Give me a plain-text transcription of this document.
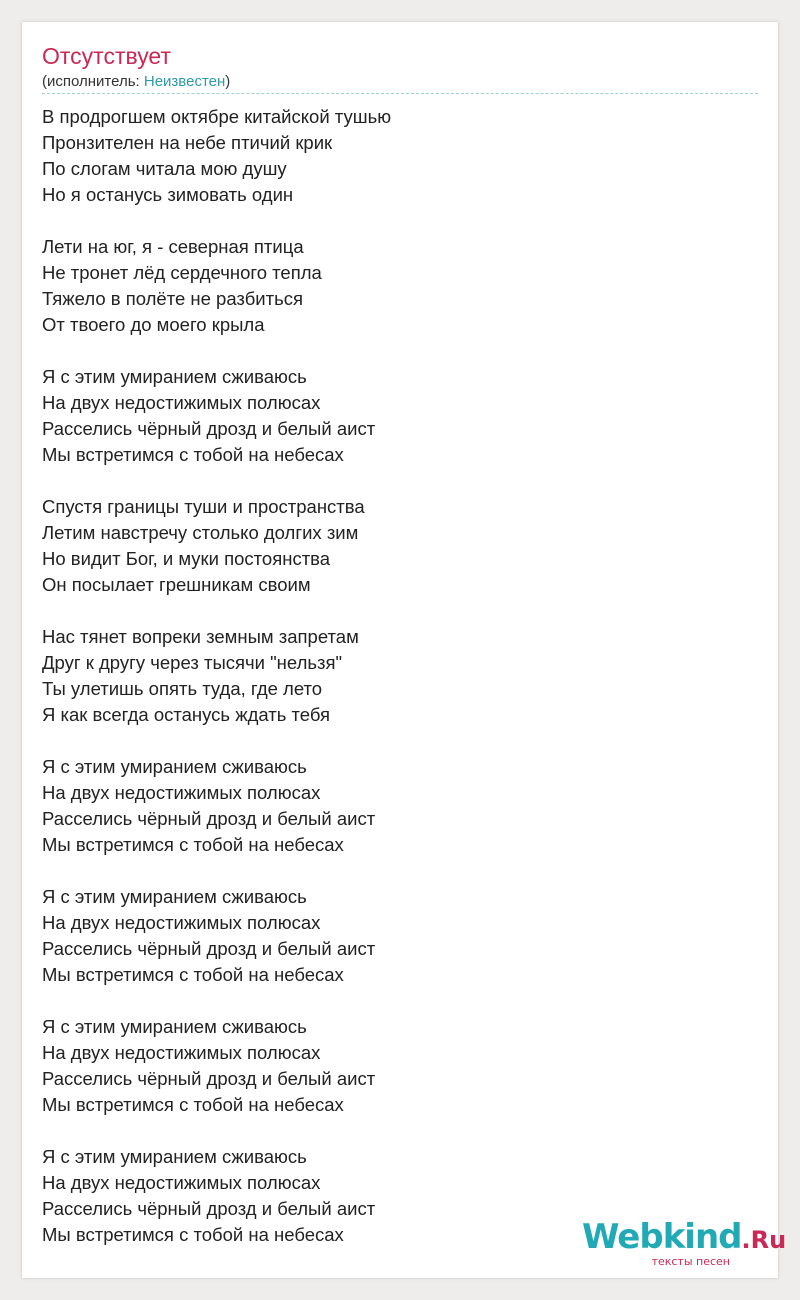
Отсутствует
(исполнитель: Неизвестен)
В продрогшем октябре китайской тушью
Пронзителен на небе птичий крик
По слогам читала мою душу
Но я останусь зимовать один
Лети на юг, я - северная птица
Не тронет лёд сердечного тепла
Тяжело в полёте не разбиться
От твоего до моего крыла
Я с этим умиранием сживаюсь
На двух недостижимых полюсах
Расселись чёрный дрозд и белый аист
Мы встретимся с тобой на небесах
Спустя границы туши и пространства
Летим навстречу столько долгих зим
Но видит Бог, и муки постоянства
Он посылает грешникам своим
Нас тянет вопреки земным запретам
Друг к другу через тысячи "нельзя"
Ты улетишь опять туда, где лето
Я как всегда останусь ждать тебя
Я с этим умиранием сживаюсь
На двух недостижимых полюсах
Расселись чёрный дрозд и белый аист
Мы встретимся с тобой на небесах
Я с этим умиранием сживаюсь
На двух недостижимых полюсах
Расселись чёрный дрозд и белый аист
Мы встретимся с тобой на небесах
Я с этим умиранием сживаюсь
На двух недостижимых полюсах
Расселись чёрный дрозд и белый аист
Мы встретимся с тобой на небесах
Я с этим умиранием сживаюсь
На двух недостижимых полюсах
Расселись чёрный дрозд и белый аист
Мы встретимся с тобой на небесах	Webkind.Ru
тексты песен
